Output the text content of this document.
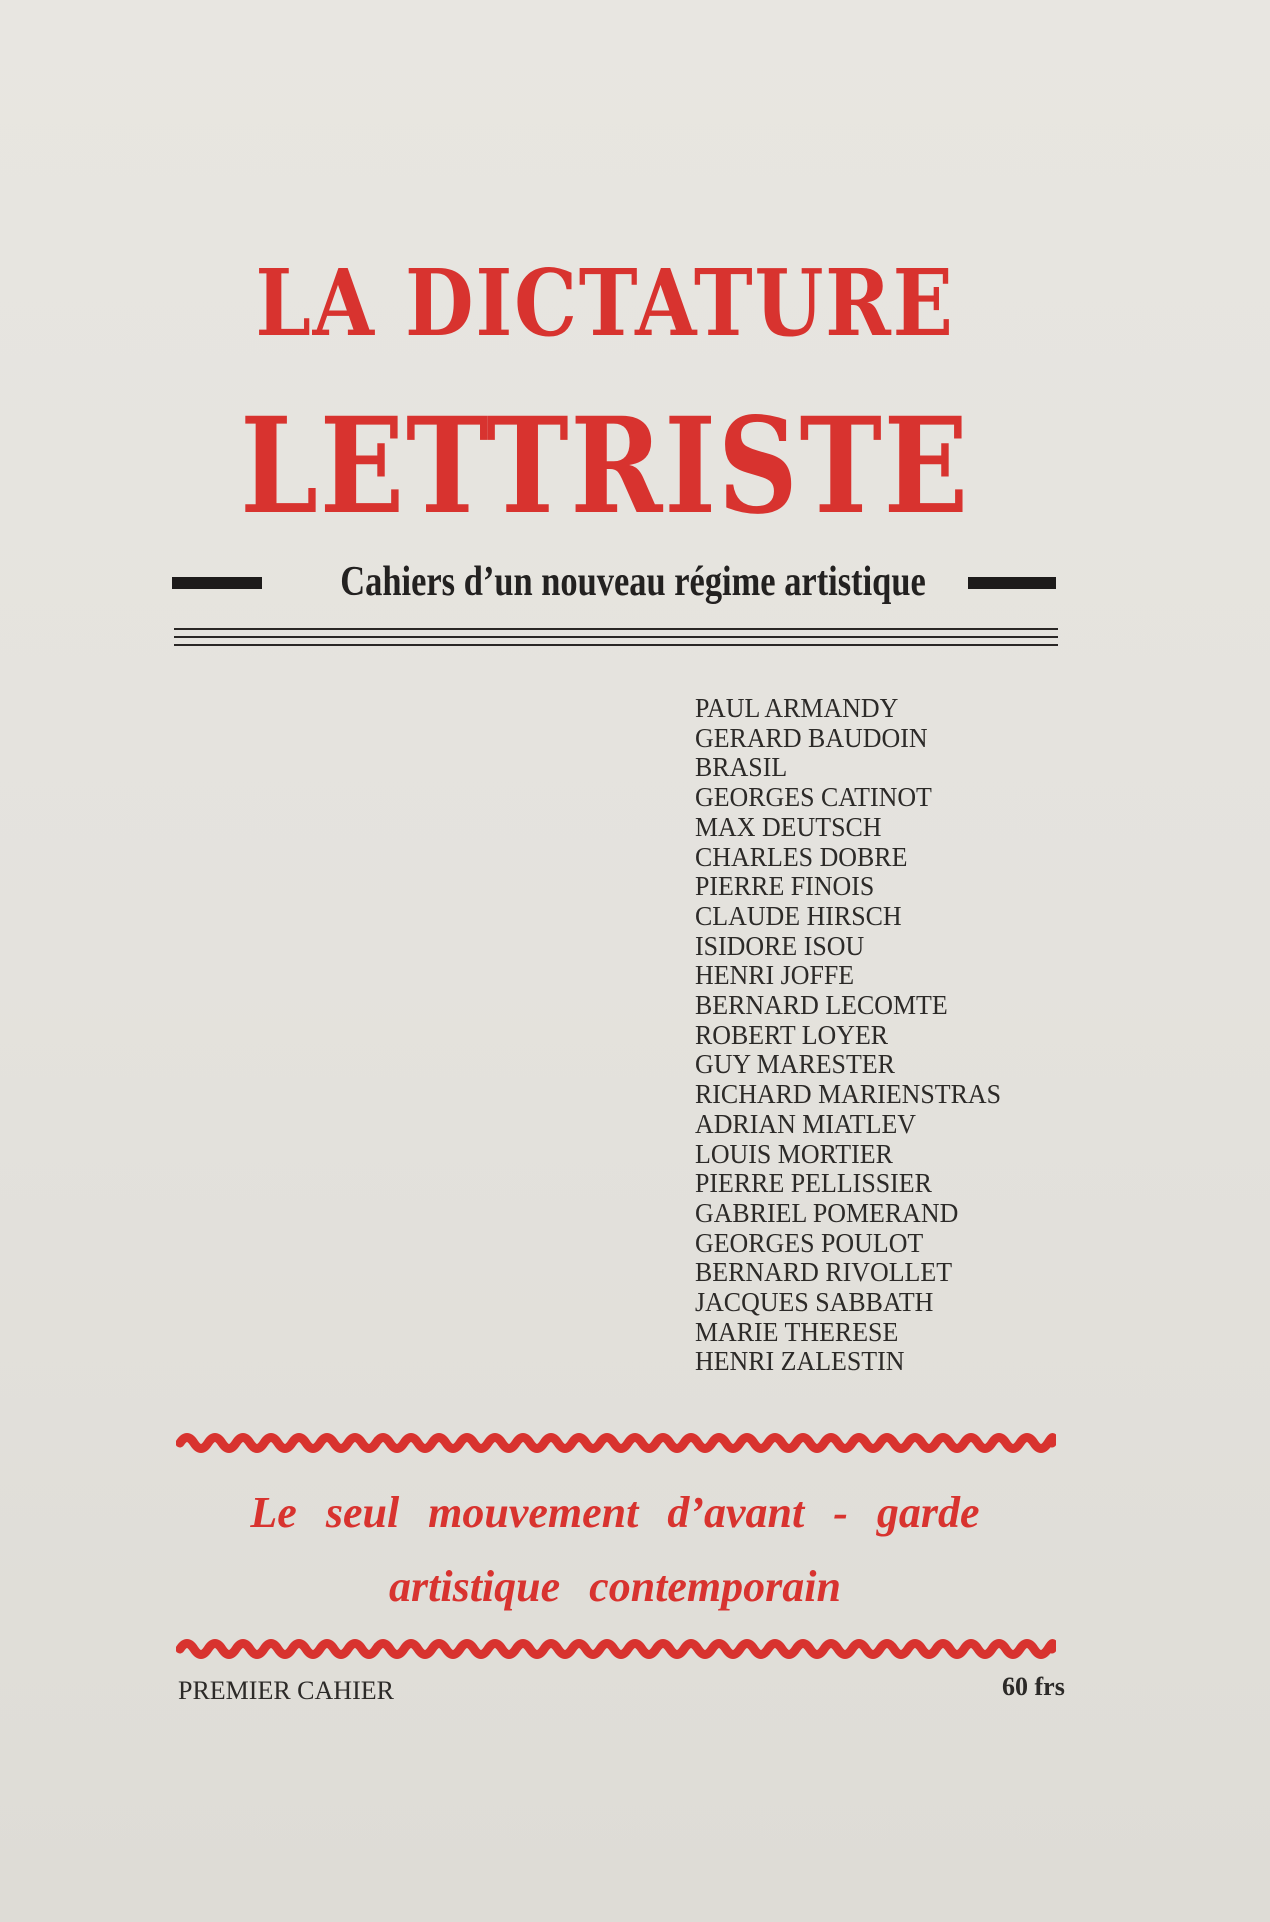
LA DICTATURE
LETTRISTE
Cahiers d’un nouveau régime artistique
PAUL ARMANDY
GERARD BAUDOIN
BRASIL
GEORGES CATINOT
MAX DEUTSCH
CHARLES DOBRE
PIERRE FINOIS
CLAUDE HIRSCH
ISIDORE ISOU
HENRI JOFFE
BERNARD LECOMTE
ROBERT LOYER
GUY MARESTER
RICHARD MARIENSTRAS
ADRIAN MIATLEV
LOUIS MORTIER
PIERRE PELLISSIER
GABRIEL POMERAND
GEORGES POULOT
BERNARD RIVOLLET
JACQUES SABBATH
MARIE THERESE
HENRI ZALESTIN
Le seul mouvement d’avant - garde
artistique contemporain
PREMIER CAHIER	60 frs
